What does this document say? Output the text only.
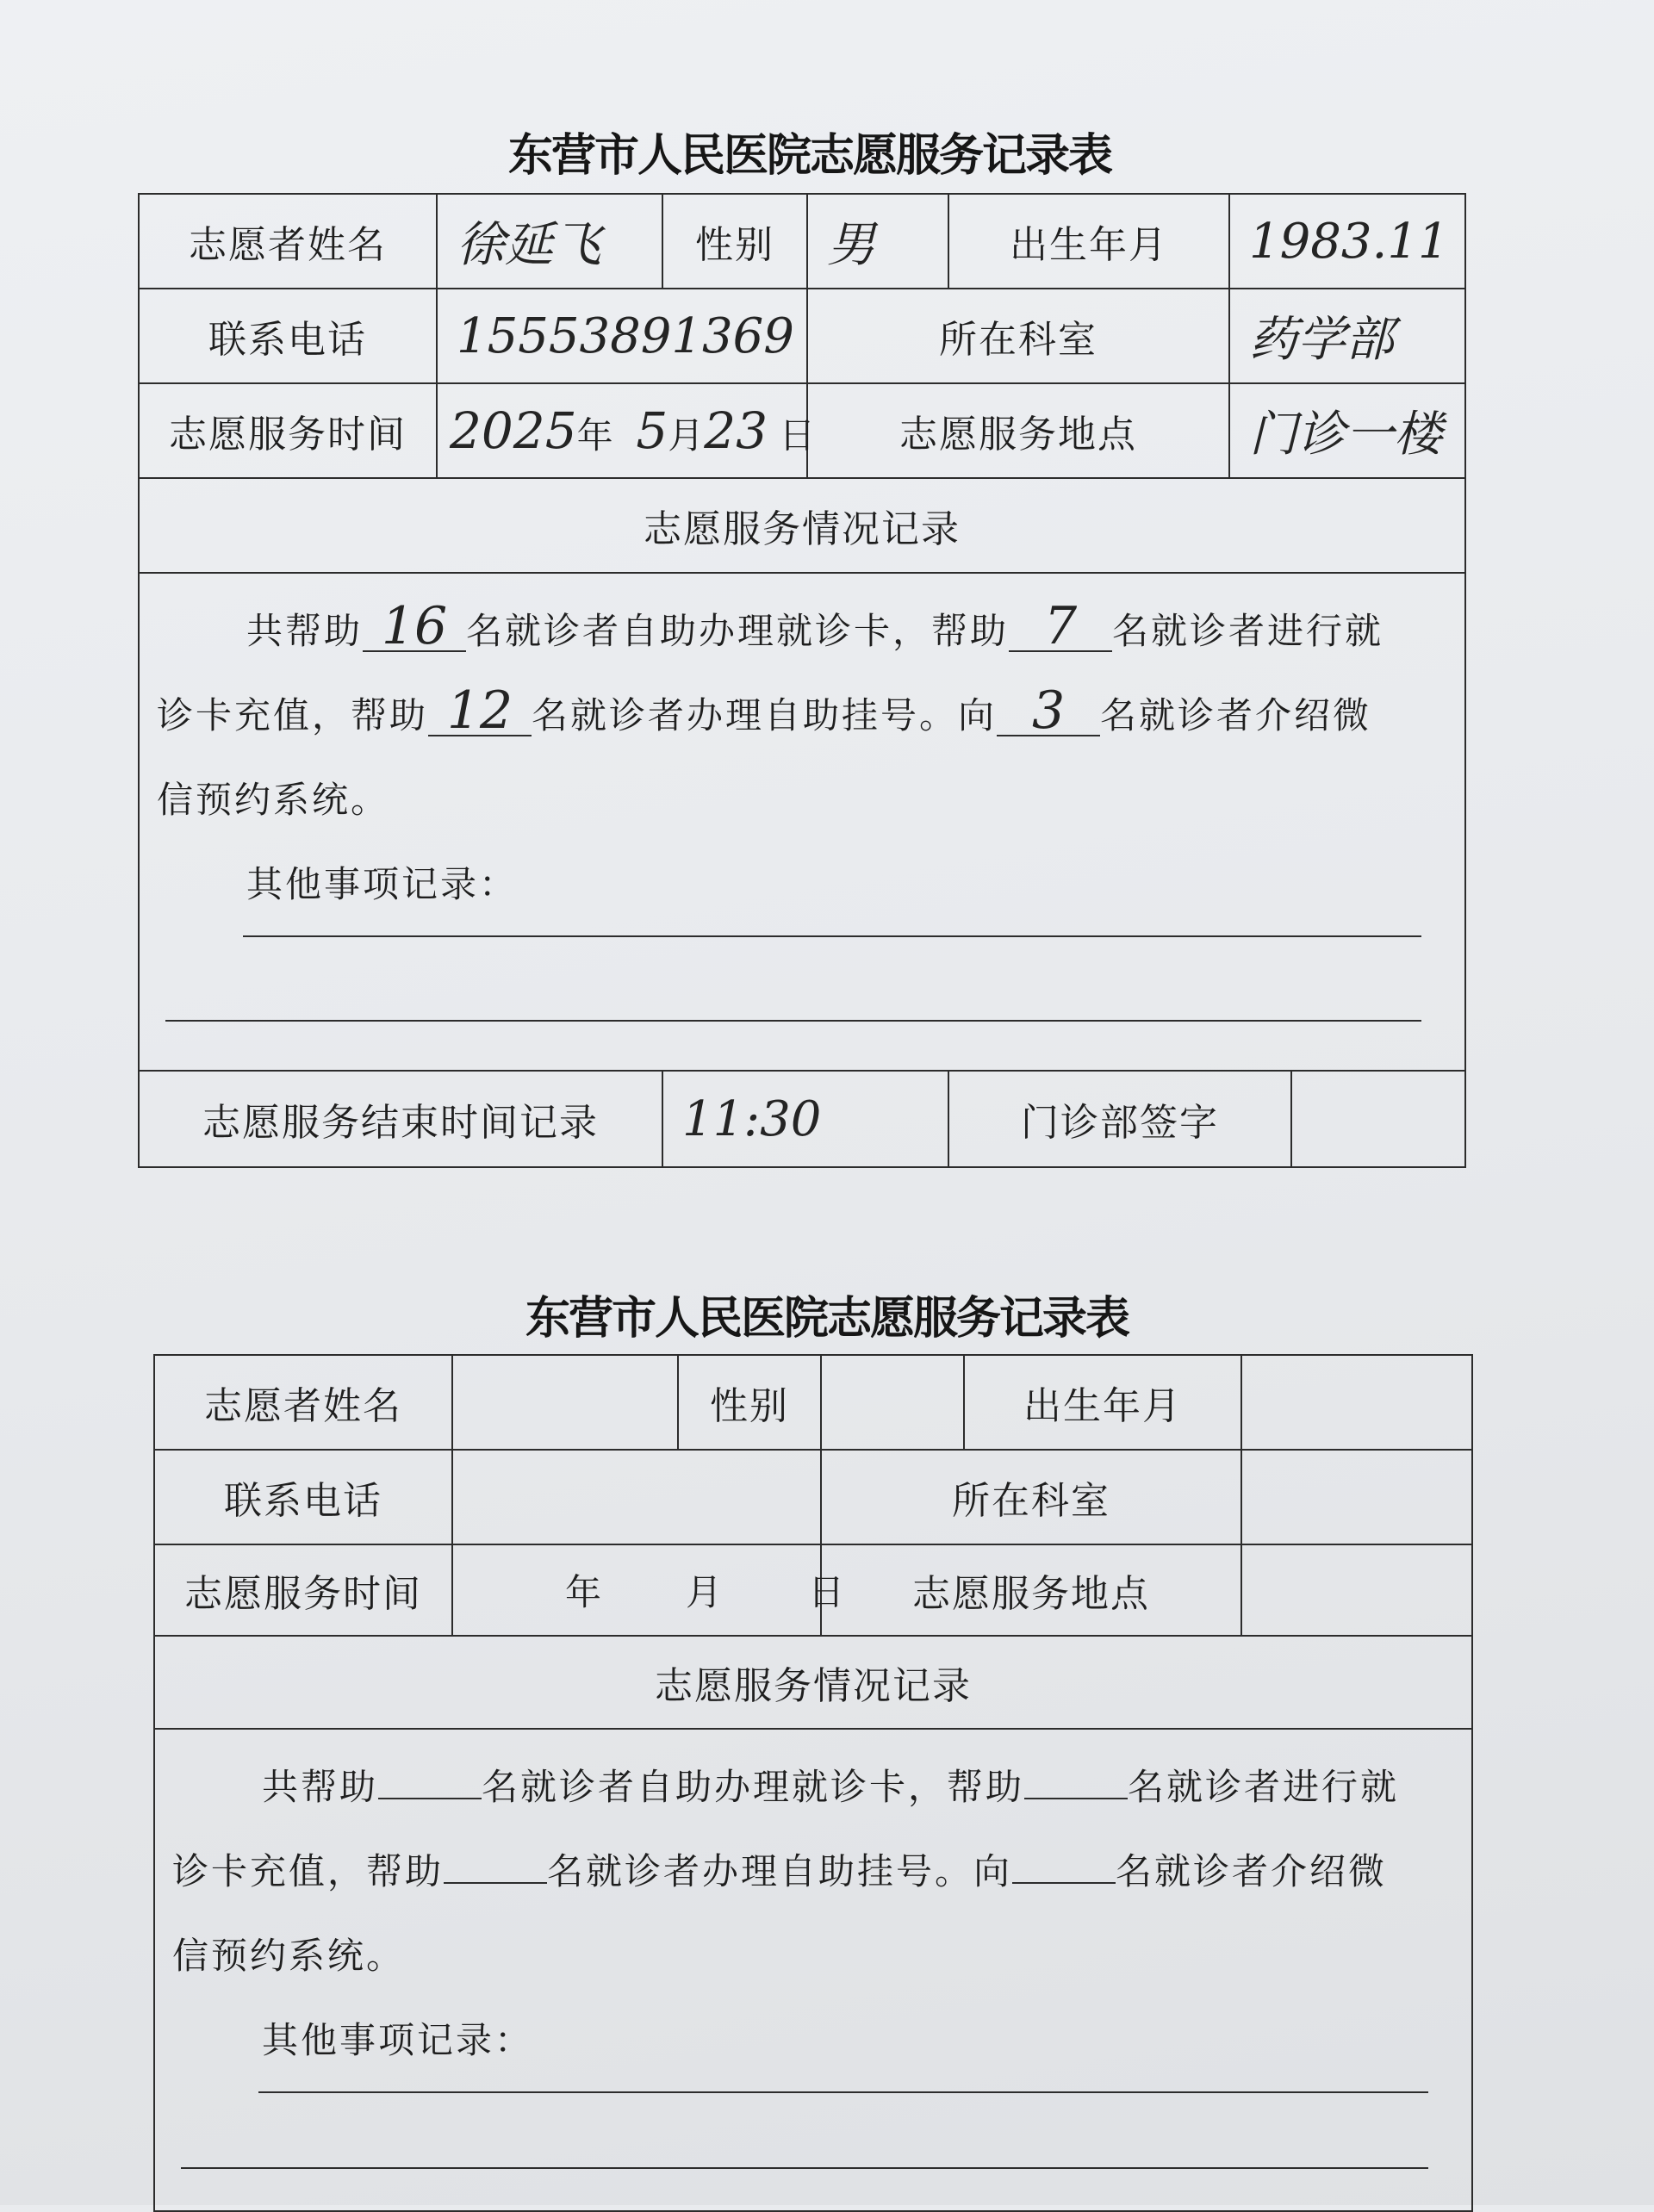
东营市人民医院志愿服务记录表
志愿者姓名	徐延飞	性别	男	出生年月	1983.11	
联系电话	15553891369		所在科室		药学部	
志愿服务时间	2025年 5月23 日		志愿服务地点		门诊一楼	
志愿服务情况记录						

共帮助 16 名就诊者自助办理就诊卡，帮助 7 名就诊者进行就
诊卡充值，帮助 12 名就诊者办理自助挂号。向 3 名就诊者介绍微
信预约系统。
其他事项记录：						

志愿服务结束时间记录		11:30		门诊部签字		
东营市人民医院志愿服务记录表
志愿者姓名		性别		出生年月	
联系电话			所在科室		
志愿服务时间	年 月 日		志愿服务地点		
志愿服务情况记录					

共帮助 名就诊者自助办理就诊卡，帮助 名就诊者进行就
诊卡充值，帮助 名就诊者办理自助挂号。向 名就诊者介绍微
信预约系统。
其他事项记录：					
